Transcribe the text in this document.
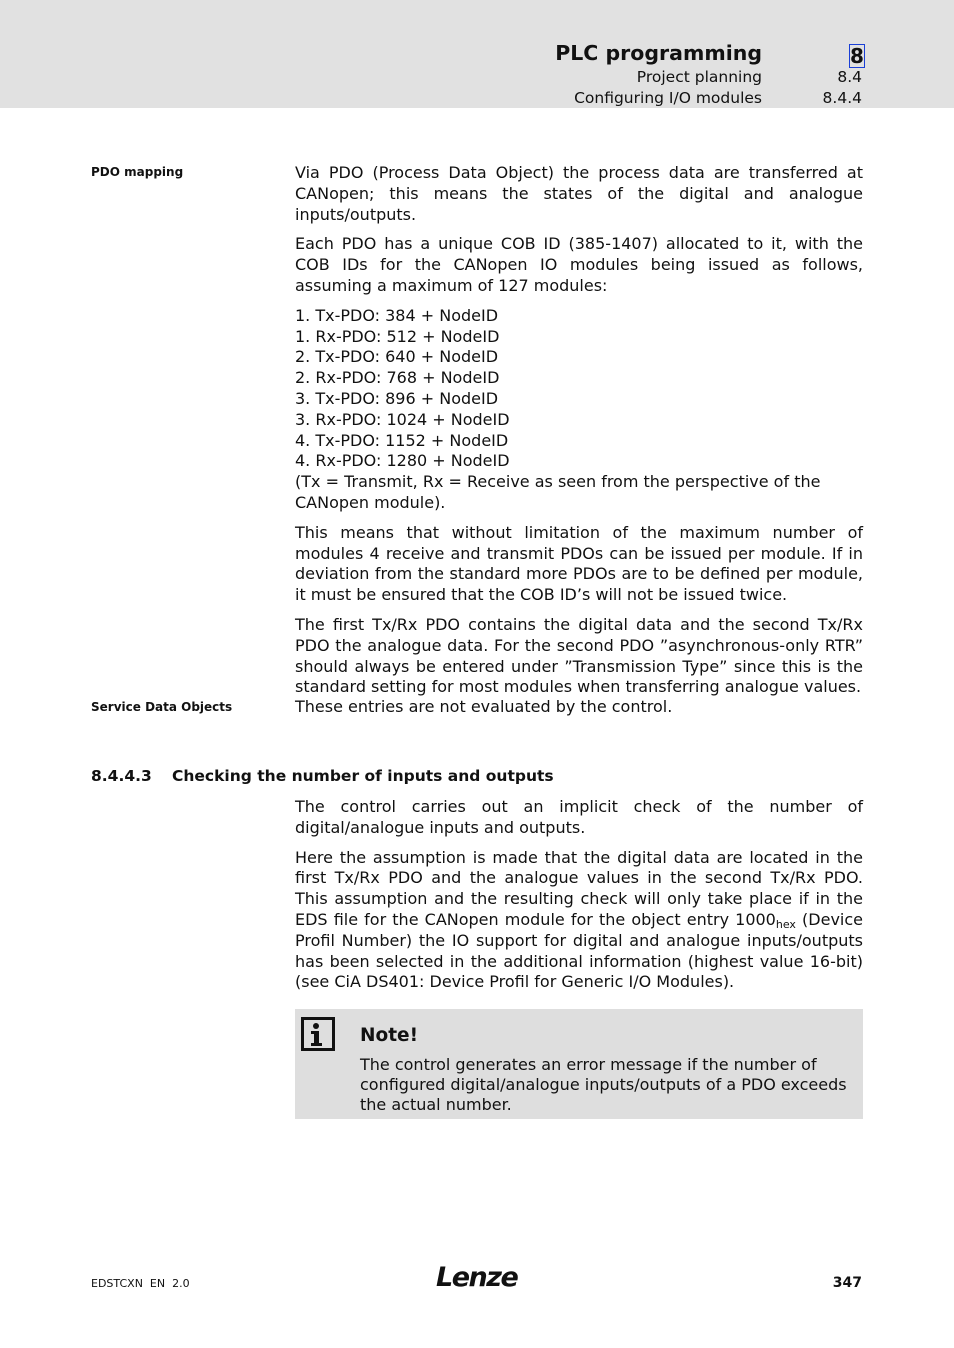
PLC programming	8
Project planning	8.4
Configuring I/O modules	8.4.4
PDO mapping	Via PDO (Process Data Object) the process data are transferred at CANopen; this means the states of the digital and analogue inputs/outputs.

Each PDO has a unique COB ID (385-1407) allocated to it, with the COB IDs for the CANopen IO modules being issued as follows, assuming a maximum of 127 modules:

1. Tx-PDO: 384 + NodeID
1. Rx-PDO: 512 + NodeID
2. Tx-PDO: 640 + NodeID
2. Rx-PDO: 768 + NodeID
3. Tx-PDO: 896 + NodeID
3. Rx-PDO: 1024 + NodeID
4. Tx-PDO: 1152 + NodeID
4. Rx-PDO: 1280 + NodeID

(Tx = Transmit, Rx = Receive as seen from the perspective of the CANopen module).

This means that without limitation of the maximum number of modules 4 receive and transmit PDOs can be issued per module. If in deviation from the standard more PDOs are to be defined per module, it must be ensured that the COB ID’s will not be issued twice.

The first Tx/Rx PDO contains the digital data and the second Tx/Rx PDO the analogue data. For the second PDO ”asynchronous-only RTR” should always be entered under ”Transmission Type” since this is the standard setting for most modules when transferring analogue values.

Service Data Objects	These entries are not evaluated by the control.

8.4.4.3 Checking the number of inputs and outputs

The control carries out an implicit check of the number of digital/analogue inputs and outputs.

Here the assumption is made that the digital data are located in the first Tx/Rx PDO and the analogue values in the second Tx/Rx PDO. This assumption and the resulting check will only take place if in the EDS file for the CANopen module for the object entry $1000_{hex}$ (Device Profil Number) the IO support for digital and analogue inputs/outputs has been selected in the additional information (highest value 16-bit) (see CiA DS401: Device Profil for Generic I/O Modules).

Note!
The control generates an error message if the number of configured digital/analogue inputs/outputs of a PDO exceeds the actual number.
EDSTCXN  EN  2.0	Lenze	347
